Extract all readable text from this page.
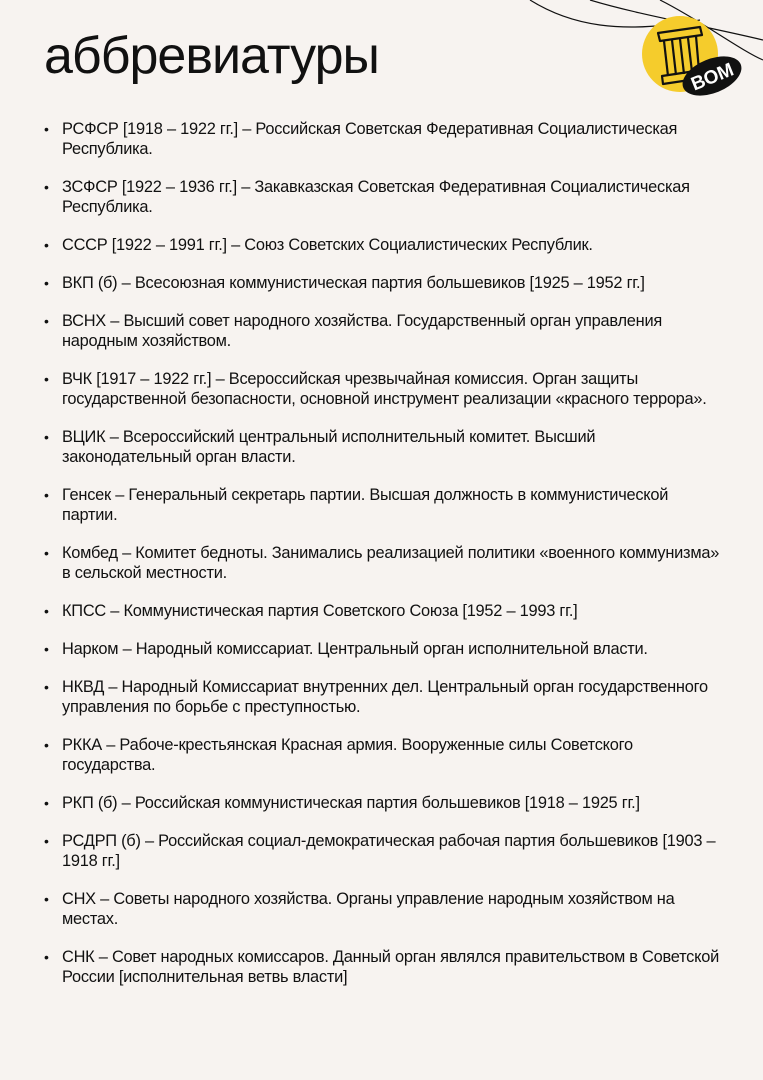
аббревиатуры	ВОМ
• РСФСР [1918 – 1922 гг.] – Российская Советская Федеративная Социалистическая Республика.
• ЗСФСР [1922 – 1936 гг.] – Закавказская Советская Федеративная Социалистическая Республика.
• СССР [1922 – 1991 гг.] – Союз Советских Социалистических Республик.
• ВКП (б) – Всесоюзная коммунистическая партия большевиков [1925 – 1952 гг.]
• ВСНХ – Высший совет народного хозяйства. Государственный орган управления народным хозяйством.
• ВЧК [1917 – 1922 гг.] – Всероссийская чрезвычайная комиссия. Орган защиты государственной безопасности, основной инструмент реализации «красного террора».
• ВЦИК – Всероссийский центральный исполнительный комитет. Высший законодательный орган власти.
• Генсек – Генеральный секретарь партии. Высшая должность в коммунистической партии.
• Комбед – Комитет бедноты. Занимались реализацией политики «военного коммунизма» в сельской местности.
• КПСС – Коммунистическая партия Советского Союза [1952 – 1993 гг.]
• Нарком – Народный комиссариат. Центральный орган исполнительной власти.
• НКВД – Народный Комиссариат внутренних дел. Центральный орган государственного управления по борьбе с преступностью.
• РККА – Рабоче-крестьянская Красная армия. Вооруженные силы Советского государства.
• РКП (б) – Российская коммунистическая партия большевиков [1918 – 1925 гг.]
• РСДРП (б) – Российская социал-демократическая рабочая партия большевиков [1903 – 1918 гг.]
• СНХ – Советы народного хозяйства. Органы управление народным хозяйством на местах.
• СНК – Совет народных комиссаров. Данный орган являлся правительством в Советской России [исполнительная ветвь власти]
